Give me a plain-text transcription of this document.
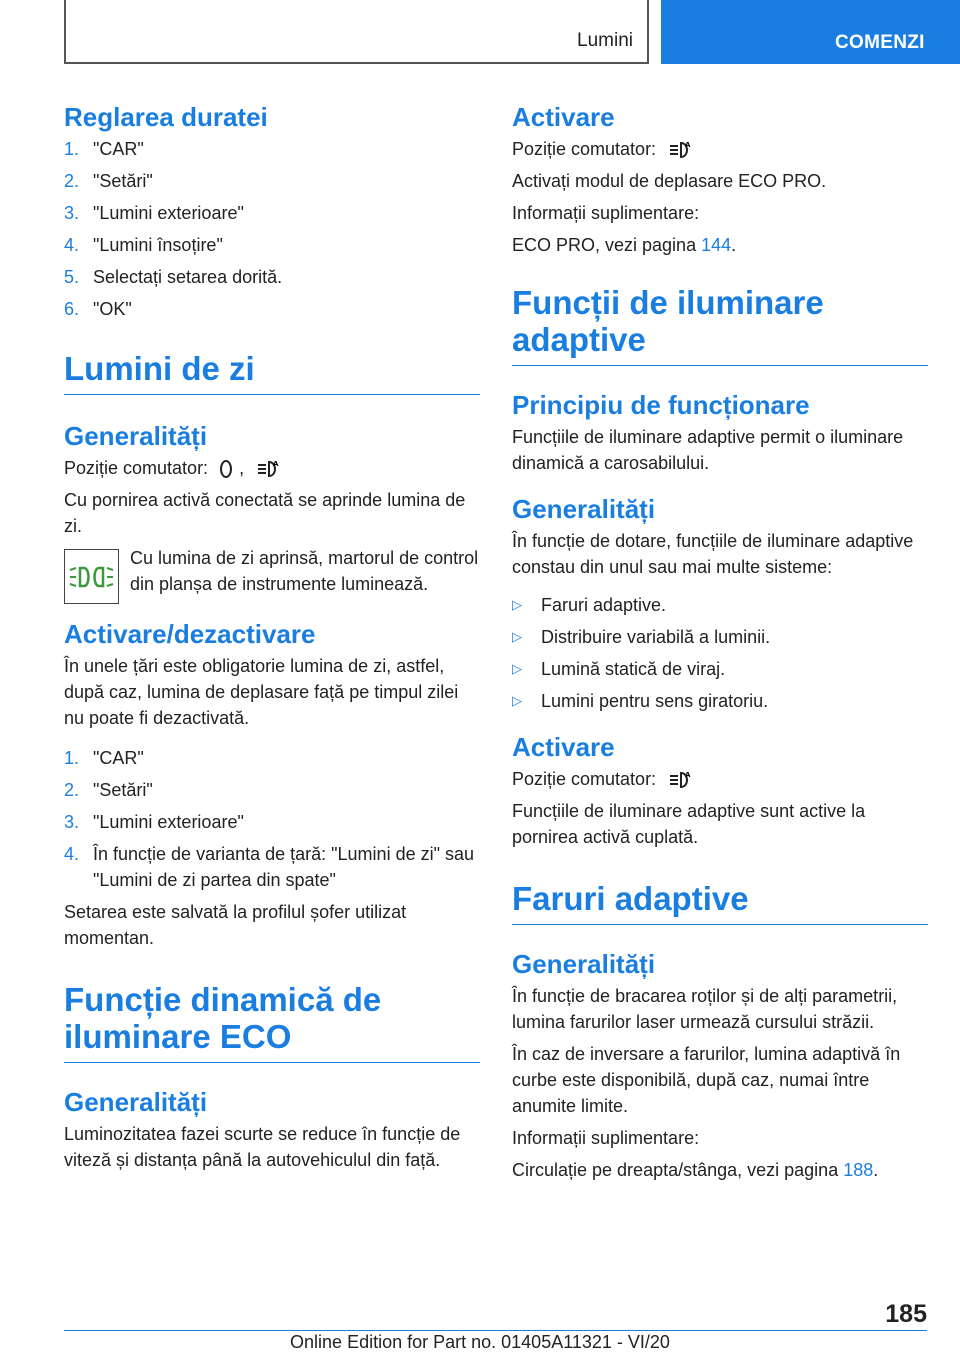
Lumini	COMENZI
Reglarea duratei
1. "CAR"
2. "Setări"
3. "Lumini exterioare"
4. "Lumini însoțire"
5. Selectați setarea dorită.
6. "OK"
Lumini de zi
Generalități

Poziție comutator: ,	A

Cu pornirea activă conectată se aprinde lumina de zi.

Cu lumina de zi aprinsă, martorul de control din planșa de instrumente luminează.

Activare/dezactivare

În unele țări este obligatorie lumina de zi, astfel, după caz, lumina de deplasare față pe timpul zilei nu poate fi dezactivată.

1. "CAR"
2. "Setări"
3. "Lumini exterioare"
4. În funcție de varianta de țară: "Lumini de zi" sau "Lumini de zi partea din spate"

Setarea este salvată la profilul șofer utilizat momentan.

Funcție dinamică de iluminare ECO
Generalități

Luminozitatea fazei scurte se reduce în funcție de viteză și distanța până la autovehiculul din față.

Activare

Poziție comutator:	A

Activați modul de deplasare ECO PRO.

Informații suplimentare:

ECO PRO, vezi pagina 144.

Funcții de iluminare adaptive
Principiu de funcționare

Funcțiile de iluminare adaptive permit o iluminare dinamică a carosabilului.

Generalități

În funcție de dotare, funcțiile de iluminare adaptive constau din unul sau mai multe sisteme:

▷ Faruri adaptive.
▷ Distribuire variabilă a luminii.
▷ Lumină statică de viraj.
▷ Lumini pentru sens giratoriu.
Activare

Poziție comutator:	A

Funcțiile de iluminare adaptive sunt active la pornirea activă cuplată.

Faruri adaptive
Generalități

În funcție de bracarea roților și de alți parametrii, lumina farurilor laser urmează cursului străzii.

În caz de inversare a farurilor, lumina adaptivă în curbe este disponibilă, după caz, numai între anumite limite.

Informații suplimentare:

Circulație pe dreapta/stânga, vezi pagina 188.

185
Online Edition for Part no. 01405A11321 - VI/20
